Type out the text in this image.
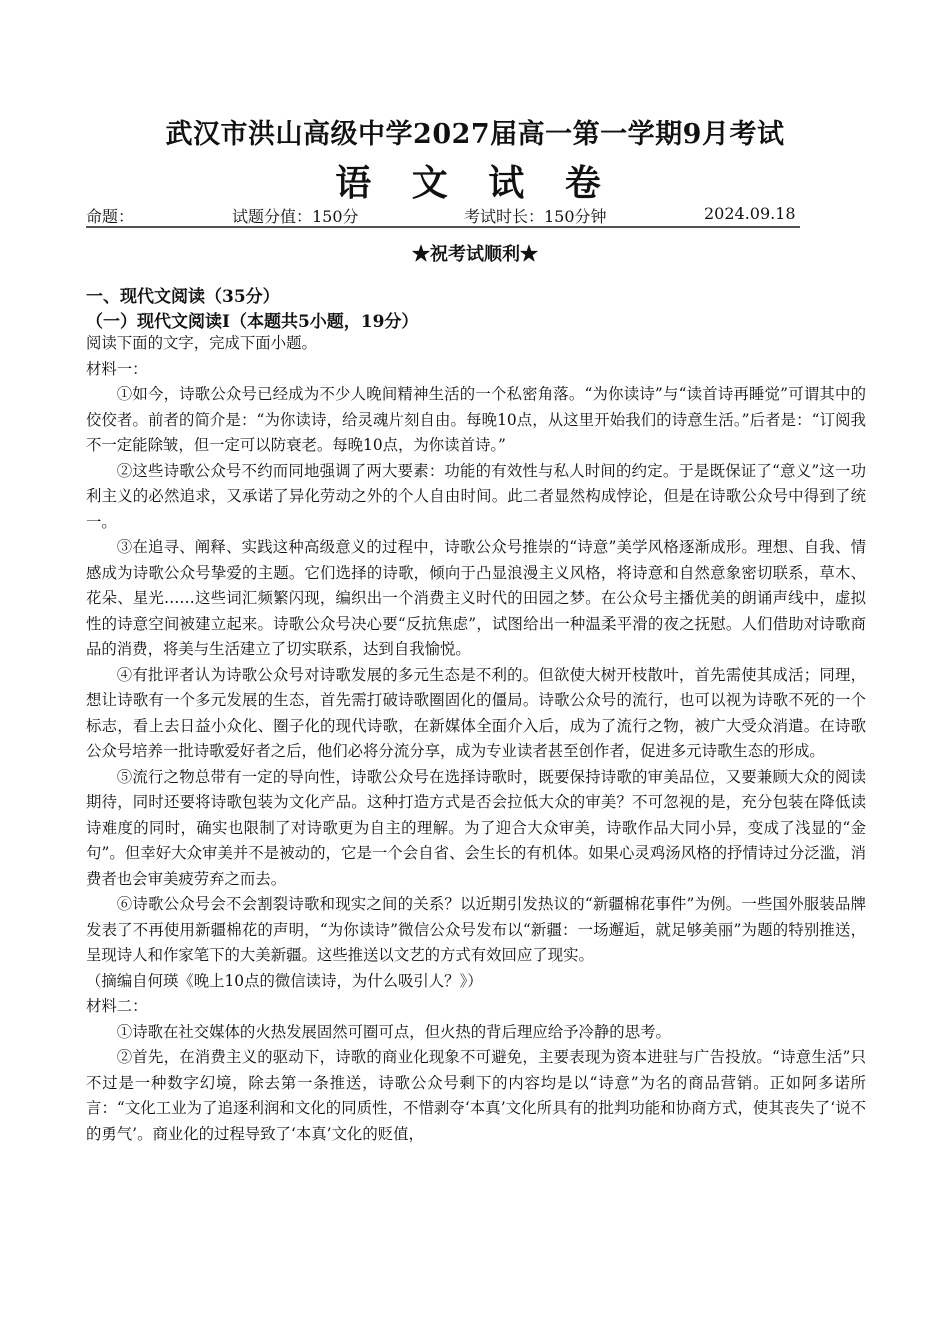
武汉市洪山高级中学2027届高一第一学期9月考试
语 文 试 卷
命题：	试题分值：150分	考试时长：150分钟	2024.09.18
★祝考试顺利★
一、现代文阅读（35分）
（一）现代文阅读Ⅰ（本题共5小题，19分）

阅读下面的文字，完成下面小题。

材料一：

①如今，诗歌公众号已经成为不少人晚间精神生活的一个私密角落。“为你读诗”与“读首诗再睡觉”可谓其中的佼佼者。前者的简介是：“为你读诗，给灵魂片刻自由。每晚10点，从这里开始我们的诗意生活。”后者是：“订阅我不一定能除皱，但一定可以防衰老。每晚10点，为你读首诗。”

②这些诗歌公众号不约而同地强调了两大要素：功能的有效性与私人时间的约定。于是既保证了“意义”这一功利主义的必然追求，又承诺了异化劳动之外的个人自由时间。此二者显然构成悖论，但是在诗歌公众号中得到了统一。

③在追寻、阐释、实践这种高级意义的过程中，诗歌公众号推崇的“诗意”美学风格逐渐成形。理想、自我、情感成为诗歌公众号挚爱的主题。它们选择的诗歌，倾向于凸显浪漫主义风格，将诗意和自然意象密切联系，草木、花朵、星光……这些词汇频繁闪现，编织出一个消费主义时代的田园之梦。在公众号主播优美的朗诵声线中，虚拟性的诗意空间被建立起来。诗歌公众号决心要“反抗焦虑”，试图给出一种温柔平滑的夜之抚慰。人们借助对诗歌商品的消费，将美与生活建立了切实联系，达到自我愉悦。

④有批评者认为诗歌公众号对诗歌发展的多元生态是不利的。但欲使大树开枝散叶，首先需使其成活；同理，想让诗歌有一个多元发展的生态，首先需打破诗歌圈固化的僵局。诗歌公众号的流行，也可以视为诗歌不死的一个标志，看上去日益小众化、圈子化的现代诗歌，在新媒体全面介入后，成为了流行之物，被广大受众消遣。在诗歌公众号培养一批诗歌爱好者之后，他们必将分流分享，成为专业读者甚至创作者，促进多元诗歌生态的形成。

⑤流行之物总带有一定的导向性，诗歌公众号在选择诗歌时，既要保持诗歌的审美品位，又要兼顾大众的阅读期待，同时还要将诗歌包装为文化产品。这种打造方式是否会拉低大众的审美？不可忽视的是，充分包装在降低读诗难度的同时，确实也限制了对诗歌更为自主的理解。为了迎合大众审美，诗歌作品大同小异，变成了浅显的“金句”。但幸好大众审美并不是被动的，它是一个会自省、会生长的有机体。如果心灵鸡汤风格的抒情诗过分泛滥，消费者也会审美疲劳弃之而去。

⑥诗歌公众号会不会割裂诗歌和现实之间的关系？以近期引发热议的“新疆棉花事件”为例。一些国外服装品牌发表了不再使用新疆棉花的声明，“为你读诗”微信公众号发布以“新疆：一场邂逅，就足够美丽”为题的特别推送，呈现诗人和作家笔下的大美新疆。这些推送以文艺的方式有效回应了现实。

（摘编自何瑛《晚上10点的微信读诗，为什么吸引人？》）

材料二：

①诗歌在社交媒体的火热发展固然可圈可点，但火热的背后理应给予冷静的思考。

②首先，在消费主义的驱动下，诗歌的商业化现象不可避免，主要表现为资本进驻与广告投放。“诗意生活”只不过是一种数字幻境，除去第一条推送，诗歌公众号剩下的内容均是以“诗意”为名的商品营销。正如阿多诺所言：“文化工业为了追逐利润和文化的同质性，不惜剥夺‘本真’文化所具有的批判功能和协商方式，使其丧失了‘说不的勇气’。商业化的过程导致了‘本真’文化的贬值，
